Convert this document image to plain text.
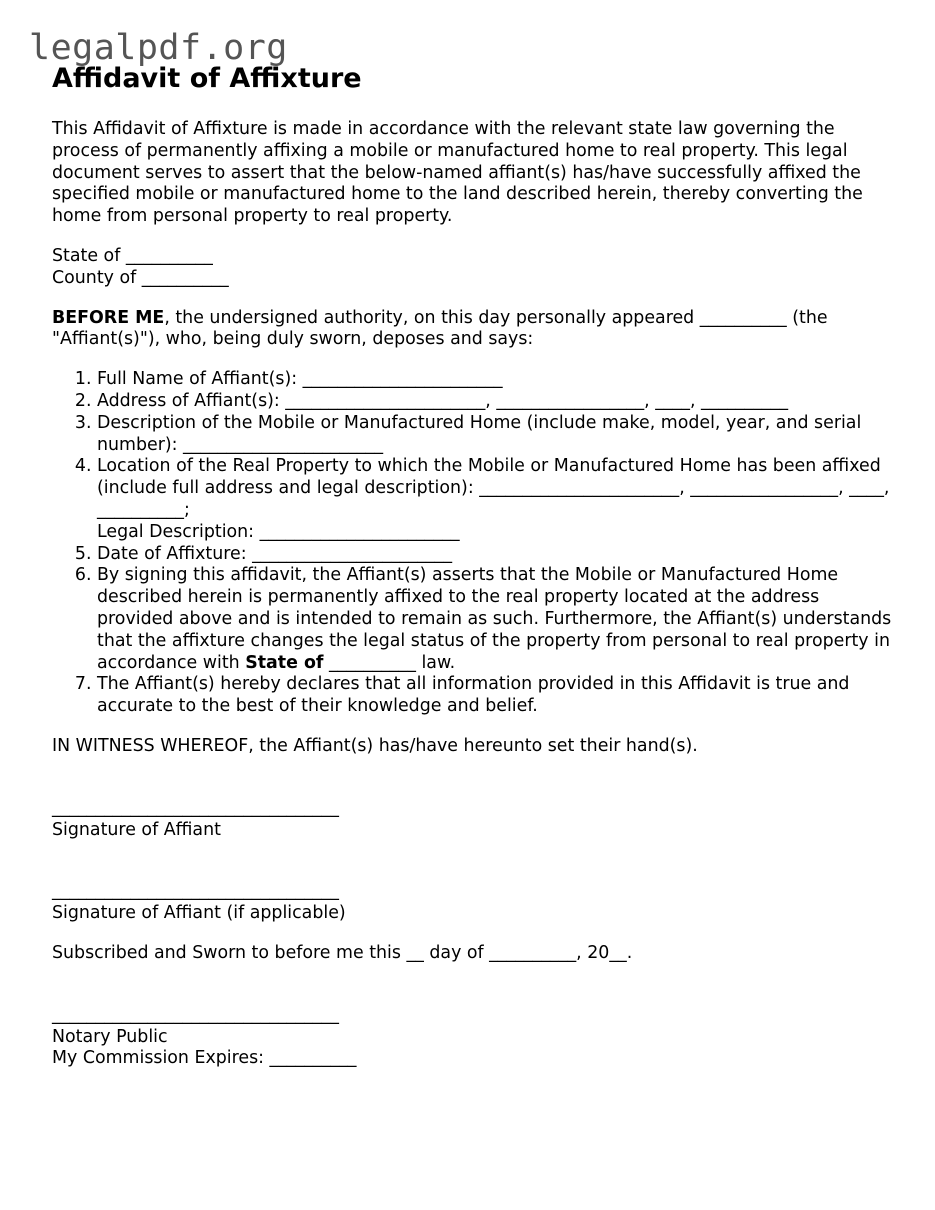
legalpdf.org
Affidavit of Affixture
This Affidavit of Affixture is made in accordance with the relevant state law governing the process of permanently affixing a mobile or manufactured home to real property. This legal document serves to assert that the below-named affiant(s) has/have successfully affixed the specified mobile or manufactured home to the land described herein, thereby converting the home from personal property to real property.
State of __________
County of __________
BEFORE ME, the undersigned authority, on this day personally appeared __________ (the "Affiant(s)"), who, being duly sworn, deposes and says:
1. Full Name of Affiant(s): _______________________
2. Address of Affiant(s): _______________________, _________________, ____, __________
3. Description of the Mobile or Manufactured Home (include make, model, year, and serial number): _______________________
4. Location of the Real Property to which the Mobile or Manufactured Home has been affixed (include full address and legal description): _______________________, _________________, ____, __________;
Legal Description: _______________________
5. Date of Affixture: _______________________
6. By signing this affidavit, the Affiant(s) asserts that the Mobile or Manufactured Home described herein is permanently affixed to the real property located at the address provided above and is intended to remain as such. Furthermore, the Affiant(s) understands that the affixture changes the legal status of the property from personal to real property in accordance with State of __________ law.
7. The Affiant(s) hereby declares that all information provided in this Affidavit is true and accurate to the best of their knowledge and belief.
IN WITNESS WHEREOF, the Affiant(s) has/have hereunto set their hand(s).
_________________________________
Signature of Affiant
_________________________________
Signature of Affiant (if applicable)
Subscribed and Sworn to before me this __ day of __________, 20__.
_________________________________
Notary Public
My Commission Expires: __________
